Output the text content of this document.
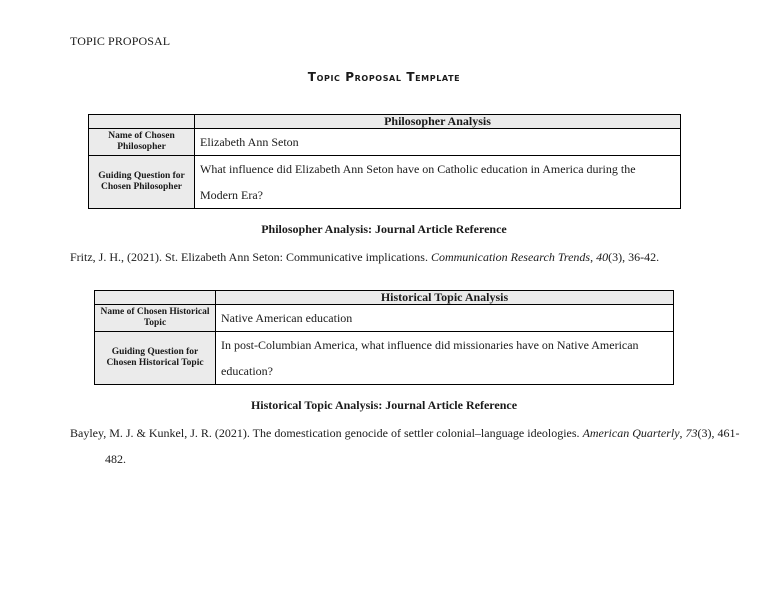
TOPIC PROPOSAL
Topic Proposal Template
	Philosopher Analysis
Name of Chosen Philosopher	Elizabeth Ann Seton
Guiding Question for Chosen Philosopher	What influence did Elizabeth Ann Seton have on Catholic education in America during the Modern Era?
Philosopher Analysis: Journal Article Reference
Fritz, J. H., (2021). St. Elizabeth Ann Seton: Communicative implications. Communication Research Trends, 40(3), 36-42.
	Historical Topic Analysis
Name of Chosen Historical Topic	Native American education
Guiding Question for Chosen Historical Topic	In post-Columbian America, what influence did missionaries have on Native American education?
Historical Topic Analysis: Journal Article Reference
Bayley, M. J. & Kunkel, J. R. (2021). The domestication genocide of settler colonial–language ideologies. American Quarterly, 73(3), 461-482.
